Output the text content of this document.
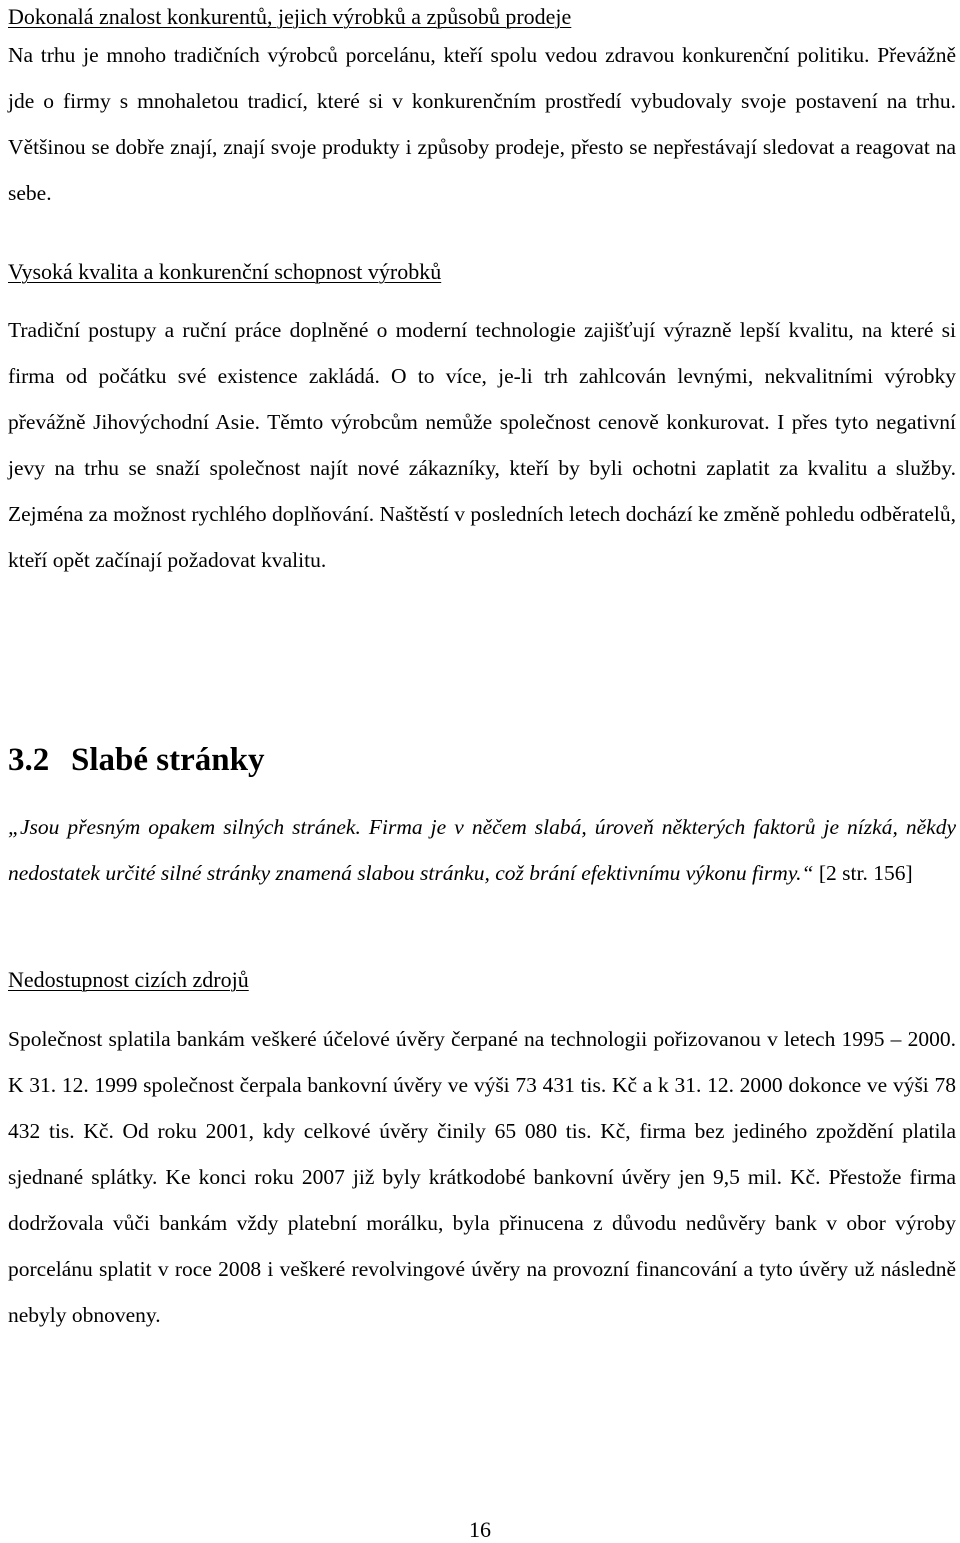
Dokonalá znalost konkurentů, jejich výrobků a způsobů prodeje

Na trhu je mnoho tradičních výrobců porcelánu, kteří spolu vedou zdravou konkurenční politiku. Převážně jde o firmy s mnohaletou tradicí, které si v konkurenčním prostředí vybudovaly svoje postavení na trhu. Většinou se dobře znají, znají svoje produkty i způsoby prodeje, přesto se nepřestávají sledovat a reagovat na sebe.

Vysoká kvalita a konkurenční schopnost výrobků

Tradiční postupy a ruční práce doplněné o moderní technologie zajišťují výrazně lepší kvalitu, na které si firma od počátku své existence zakládá. O to více, je-li trh zahlcován levnými, nekvalitními výrobky převážně Jihovýchodní Asie. Těmto výrobcům nemůže společnost cenově konkurovat. I přes tyto negativní jevy na trhu se snaží společnost najít nové zákazníky, kteří by byli ochotni zaplatit za kvalitu a služby. Zejména za možnost rychlého doplňování. Naštěstí v posledních letech dochází ke změně pohledu odběratelů, kteří opět začínají požadovat kvalitu.

3.2 Slabé stránky

„Jsou přesným opakem silných stránek. Firma je v něčem slabá, úroveň některých faktorů je nízká, někdy nedostatek určité silné stránky znamená slabou stránku, což brání efektivnímu výkonu firmy.“ [2 str. 156]

Nedostupnost cizích zdrojů

Společnost splatila bankám veškeré účelové úvěry čerpané na technologii pořizovanou v letech 1995 – 2000. K 31. 12. 1999 společnost čerpala bankovní úvěry ve výši 73 431 tis. Kč a k 31. 12. 2000 dokonce ve výši 78 432 tis. Kč. Od roku 2001, kdy celkové úvěry činily 65 080 tis. Kč, firma bez jediného zpoždění platila sjednané splátky. Ke konci roku 2007 již byly krátkodobé bankovní úvěry jen 9,5 mil. Kč. Přestože firma dodržovala vůči bankám vždy platební morálku, byla přinucena z důvodu nedůvěry bank v obor výroby porcelánu splatit v roce 2008 i veškeré revolvingové úvěry na provozní financování a tyto úvěry už následně nebyly obnoveny.

16
